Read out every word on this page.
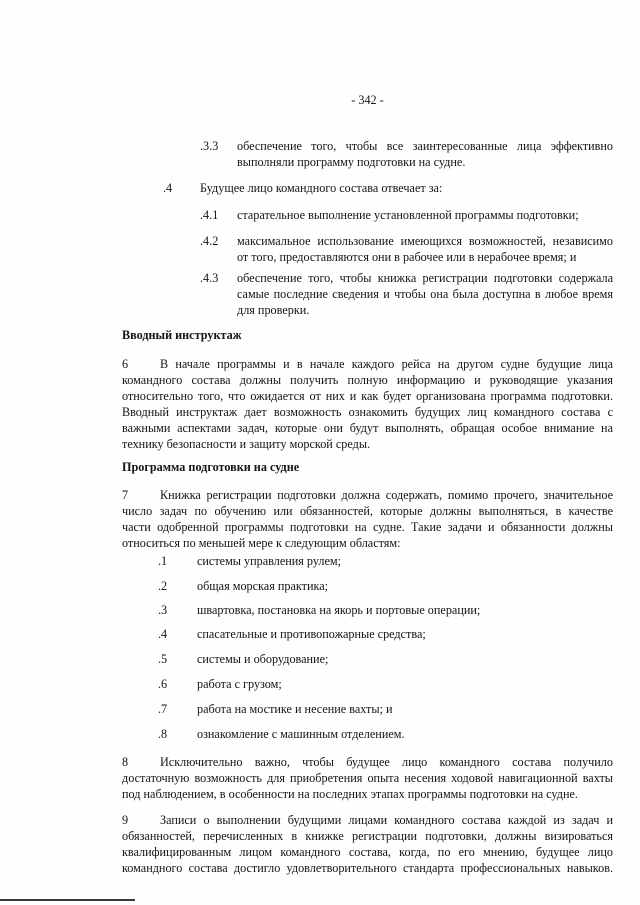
- 342 -
.3.3 обеспечение того, чтобы все заинтересованные лица эффективно
выполняли программу подготовки на судне.
.4 Будущее лицо командного состава отвечает за:
.4.1 старательное выполнение установленной программы подготовки;
.4.2 максимальное использование имеющихся возможностей, независимо
от того, предоставляются они в рабочее или в нерабочее время; и
.4.3 обеспечение того, чтобы книжка регистрации подготовки содержала
самые последние сведения и чтобы она была доступна в любое время
для проверки.
Вводный инструктаж
6	В начале программы и в начале каждого рейса на другом судне будущие лица
командного состава должны получить полную информацию и руководящие указания
относительно того, что ожидается от них и как будет организована программа подготовки.
Вводный инструктаж дает возможность ознакомить будущих лиц командного состава с
важными аспектами задач, которые они будут выполнять, обращая особое внимание на
технику безопасности и защиту морской среды.
Программа подготовки на судне
7	Книжка регистрации подготовки должна содержать, помимо прочего, значительное
число задач по обучению или обязанностей, которые должны выполняться, в качестве
части одобренной программы подготовки на судне. Такие задачи и обязанности должны
относиться по меньшей мере к следующим областям:
.1 системы управления рулем;
.2 общая морская практика;
.3 швартовка, постановка на якорь и портовые операции;
.4 спасательные и противопожарные средства;
.5 системы и оборудование;
.6 работа с грузом;
.7 работа на мостике и несение вахты; и
.8 ознакомление с машинным отделением.
8	Исключительно важно, чтобы будущее лицо командного состава получило
достаточную возможность для приобретения опыта несения ходовой навигационной вахты
под наблюдением, в особенности на последних этапах программы подготовки на судне.
9	Записи о выполнении будущими лицами командного состава каждой из задач и
обязанностей, перечисленных в книжке регистрации подготовки, должны визироваться
квалифицированным лицом командного состава, когда, по его мнению, будущее лицо
командного состава достигло удовлетворительного стандарта профессиональных навыков.
